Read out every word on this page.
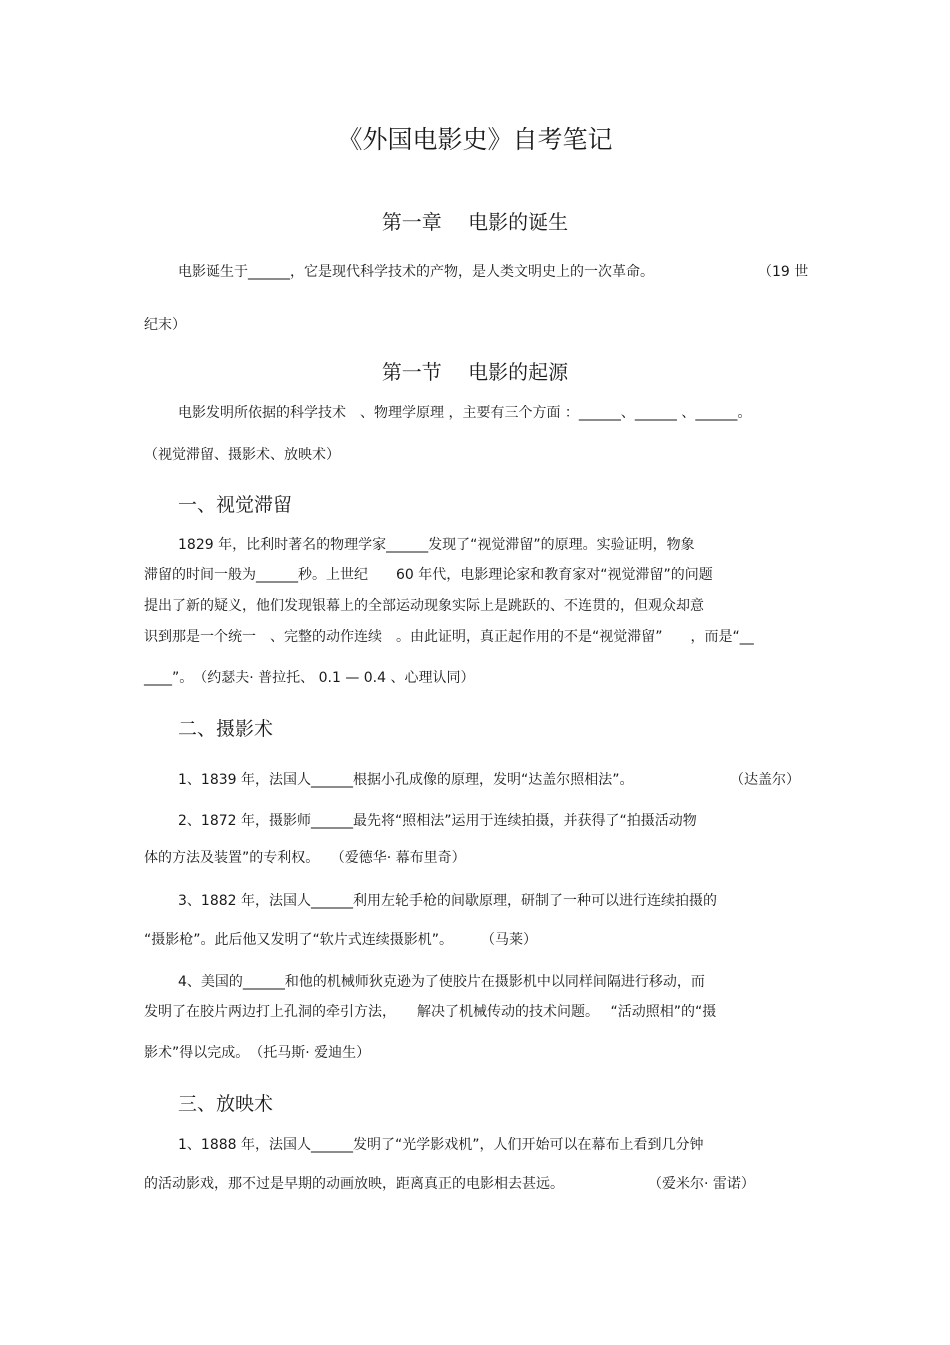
《外国电影史》自考笔记
第一章　 电影的诞生
电影诞生于______，它是现代科学技术的产物，是人类文明史上的一次革命。	（19 世
纪末）
第一节　 电影的起源
电影发明所依据的科学技术　、物理学原理 ，主要有三个方面 ：______、______ 、______。
（视觉滞留、摄影术、放映术）
一、视觉滞留
1829 年，比利时著名的物理学家______发现了“视觉滞留”的原理。实验证明，物象
滞留的时间一般为______秒。上世纪　　60 年代，电影理论家和教育家对“视觉滞留”的问题
提出了新的疑义，他们发现银幕上的全部运动现象实际上是跳跃的、不连贯的，但观众却意
识到那是一个统一　、完整的动作连续　。由此证明，真正起作用的不是“视觉滞留”　　，而是“__
____”。　（约瑟夫· 普拉托、 0.1 — 0.4 、心理认同）
二、摄影术
1、1839 年，法国人______根据小孔成像的原理，发明“达盖尔照相法”。	（达盖尔）
2、1872 年，摄影师______最先将“照相法”运用于连续拍摄，并获得了“拍摄活动物
体的方法及装置”的专利权。　 （爱德华· 幕布里奇）
3、1882 年，法国人______利用左轮手枪的间歇原理，研制了一种可以进行连续拍摄的
“摄影枪”。此后他又发明了“软片式连续摄影机”。　　　（马莱）
4、美国的______和他的机械师狄克逊为了使胶片在摄影机中以同样间隔进行移动，而
发明了在胶片两边打上孔洞的牵引方法，　　解决了机械传动的技术问题。　 “活动照相”的“摄
影术”得以完成。　（托马斯· 爱迪生）
三、放映术
1、1888 年，法国人______发明了“光学影戏机”，人们开始可以在幕布上看到几分钟
的活动影戏，那不过是早期的动画放映，距离真正的电影相去甚远。	（爱米尔· 雷诺）
